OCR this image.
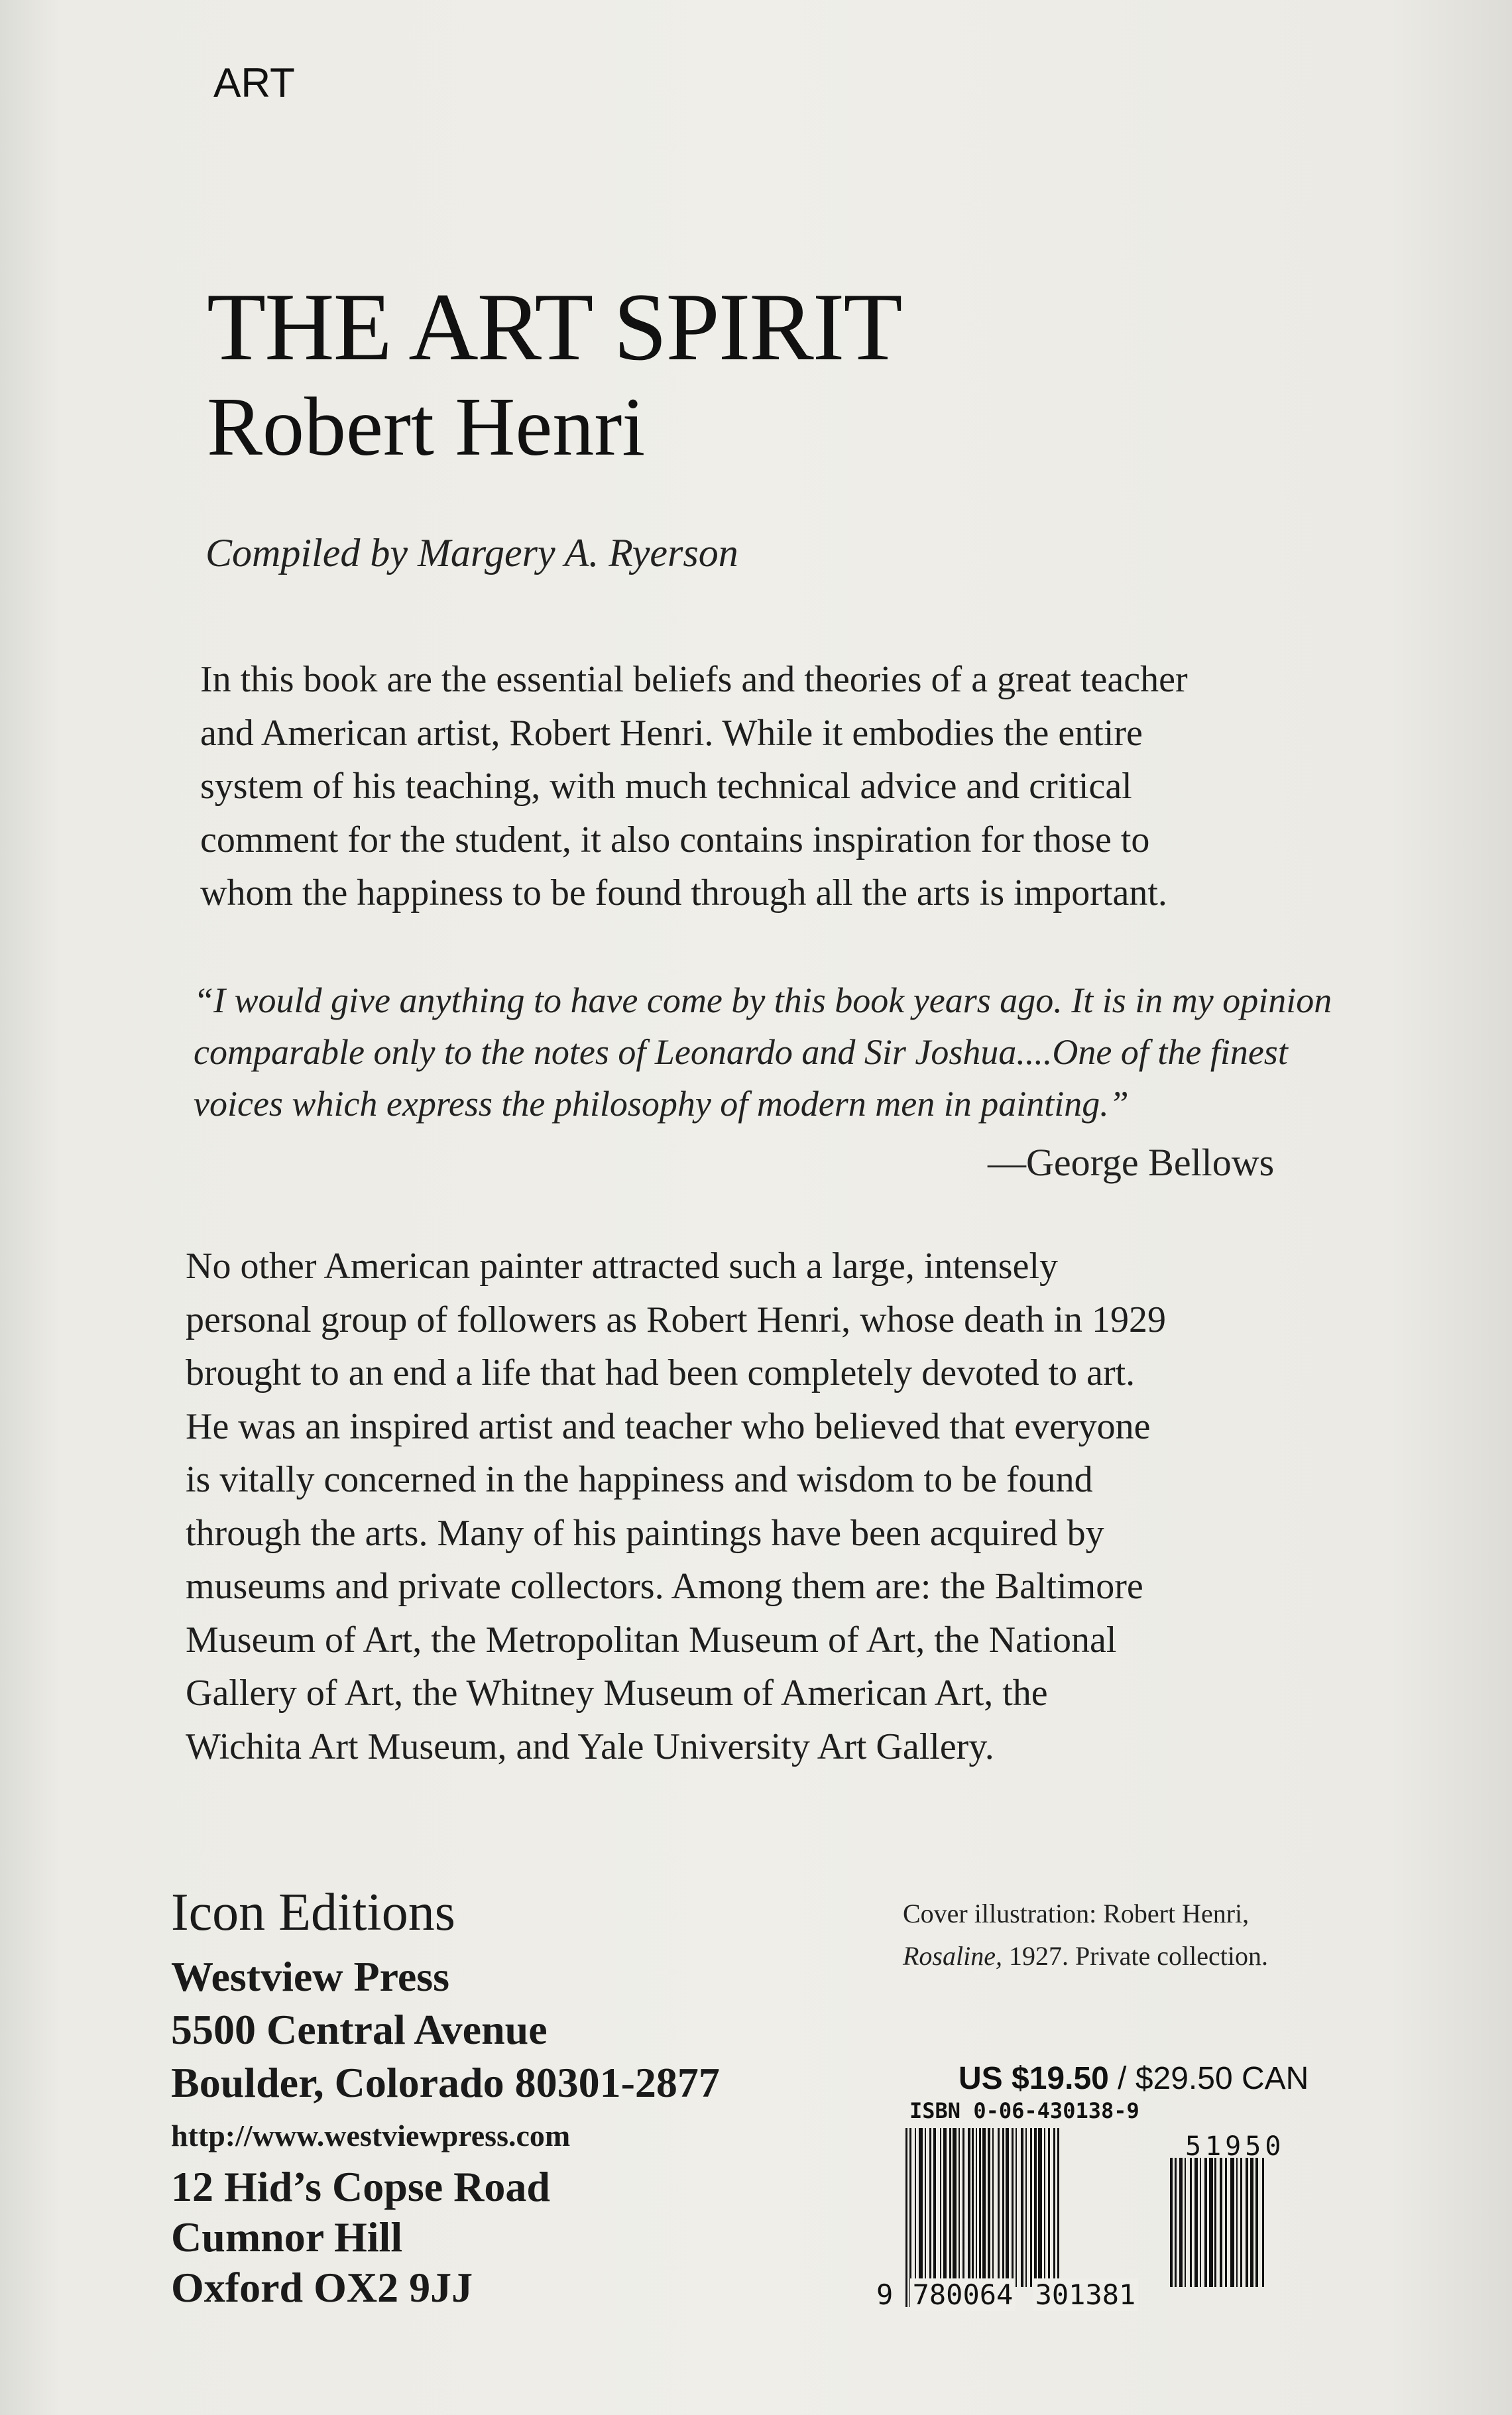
ART
THE ART SPIRIT
Robert Henri
Compiled by Margery A. Ryerson
In this book are the essential beliefs and theories of a great teacher
and American artist, Robert Henri. While it embodies the entire
system of his teaching, with much technical advice and critical
comment for the student, it also contains inspiration for those to
whom the happiness to be found through all the arts is important.
“I would give anything to have come by this book years ago. It is in my opinion
comparable only to the notes of Leonardo and Sir Joshua....One of the finest
voices which express the philosophy of modern men in painting.”
—George Bellows
No other American painter attracted such a large, intensely
personal group of followers as Robert Henri, whose death in 1929
brought to an end a life that had been completely devoted to art.
He was an inspired artist and teacher who believed that everyone
is vitally concerned in the happiness and wisdom to be found
through the arts. Many of his paintings have been acquired by
museums and private collectors. Among them are: the Baltimore
Museum of Art, the Metropolitan Museum of Art, the National
Gallery of Art, the Whitney Museum of American Art, the
Wichita Art Museum, and Yale University Art Gallery.
Icon Editions
Westview Press
5500 Central Avenue
Boulder, Colorado 80301-2877
http://www.westviewpress.com
12 Hid’s Copse Road
Cumnor Hill
Oxford OX2 9JJ
Cover illustration: Robert Henri,
Rosaline, 1927. Private collection.
US $19.50 / $29.50 CAN
ISBN 0-06-430138-9
9 780064 301381
51950
